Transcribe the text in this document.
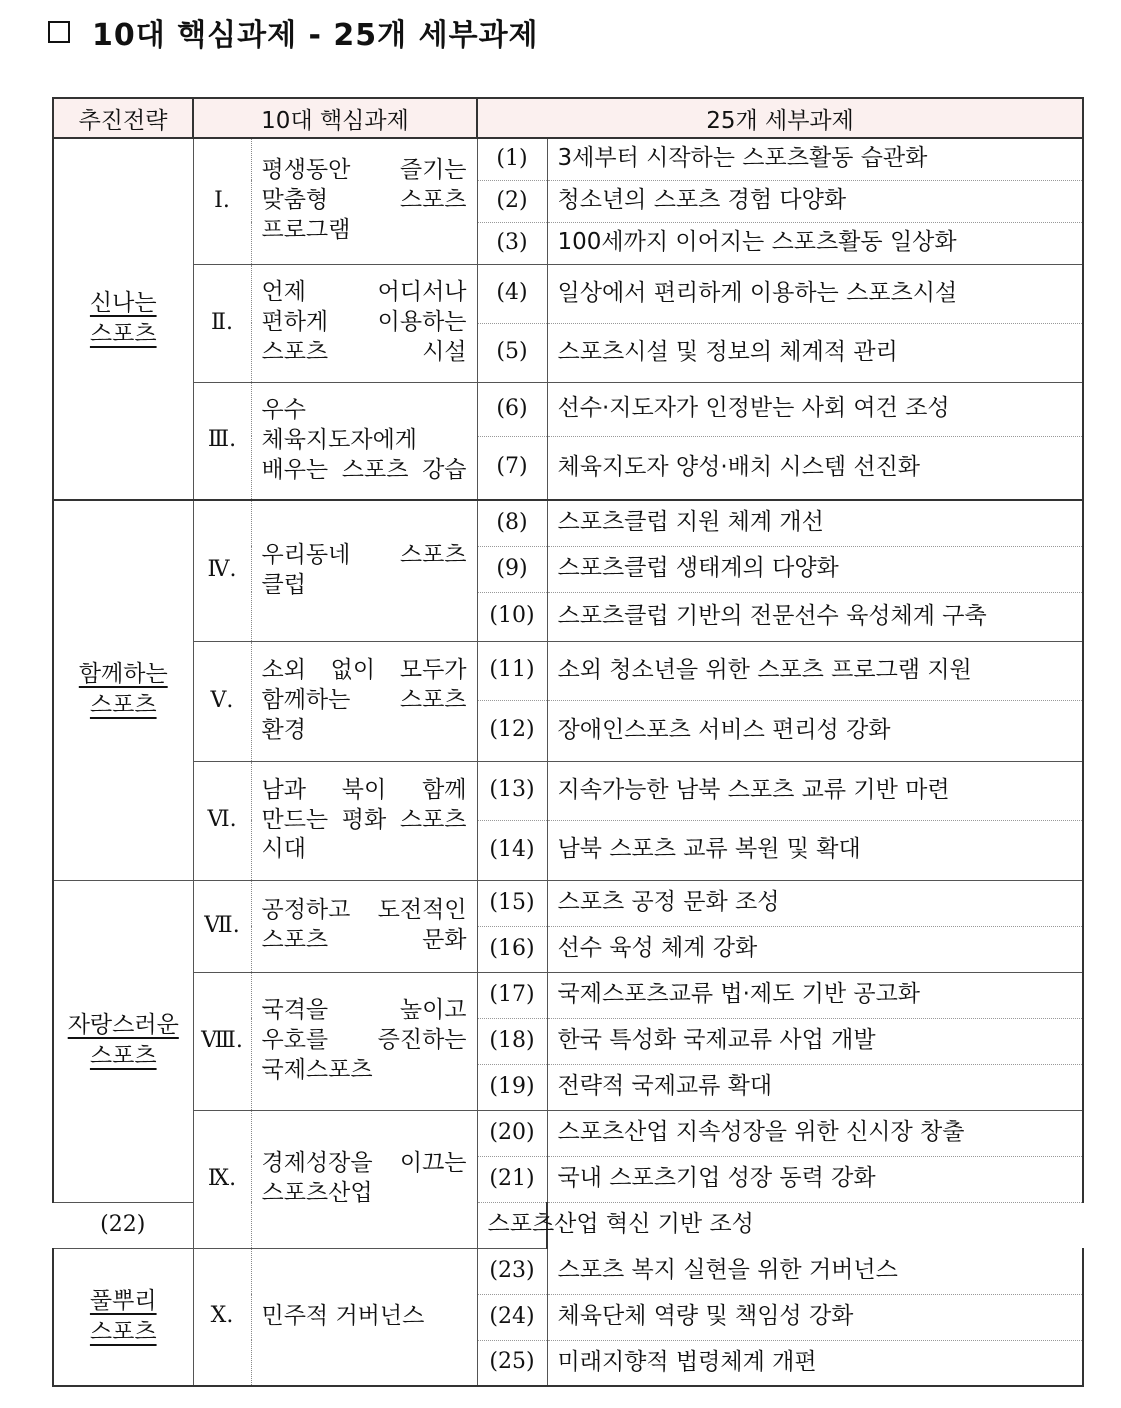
10대 핵심과제 - 25개 세부과제
추진전략	10대 핵심과제		25개 세부과제	
신나는
스포츠	Ⅰ.	평생동안 즐기는 맞춤형 스포츠 프로그램	(1)	3세부터 시작하는 스포츠활동 습관화
			(2)	청소년의 스포츠 경험 다양화
			(3)	100세까지 이어지는 스포츠활동 일상화
	Ⅱ.	언제 어디서나 편하게 이용하는 스포츠 시설	(4)	일상에서 편리하게 이용하는 스포츠시설
			(5)	스포츠시설 및 정보의 체계적 관리
	Ⅲ.	우수 체육지도자에게 배우는 스포츠 강습	(6)	선수·지도자가 인정받는 사회 여건 조성
			(7)	체육지도자 양성·배치 시스템 선진화
함께하는
스포츠	Ⅳ.	우리동네 스포츠 클럽	(8)	스포츠클럽 지원 체계 개선
			(9)	스포츠클럽 생태계의 다양화
			(10)	스포츠클럽 기반의 전문선수 육성체계 구축
	Ⅴ.	소외 없이 모두가 함께하는 스포츠 환경	(11)	소외 청소년을 위한 스포츠 프로그램 지원
			(12)	장애인스포츠 서비스 편리성 강화
	Ⅵ.	남과 북이 함께 만드는 평화 스포츠 시대	(13)	지속가능한 남북 스포츠 교류 기반 마련
			(14)	남북 스포츠 교류 복원 및 확대
자랑스러운
스포츠	Ⅶ.	공정하고 도전적인 스포츠 문화	(15)	스포츠 공정 문화 조성
			(16)	선수 육성 체계 강화
	Ⅷ.	국격을 높이고 우호를 증진하는 국제스포츠	(17)	국제스포츠교류 법·제도 기반 공고화
			(18)	한국 특성화 국제교류 사업 개발
			(19)	전략적 국제교류 확대
	Ⅸ.	경제성장을 이끄는 스포츠산업	(20)	스포츠산업 지속성장을 위한 신시장 창출
			(21)	국내 스포츠기업 성장 동력 강화
(22)			스포츠산업 혁신 기반 조성	
풀뿌리
스포츠	Ⅹ.	민주적 거버넌스	(23)	스포츠 복지 실현을 위한 거버넌스
			(24)	체육단체 역량 및 책임성 강화
			(25)	미래지향적 법령체계 개편
